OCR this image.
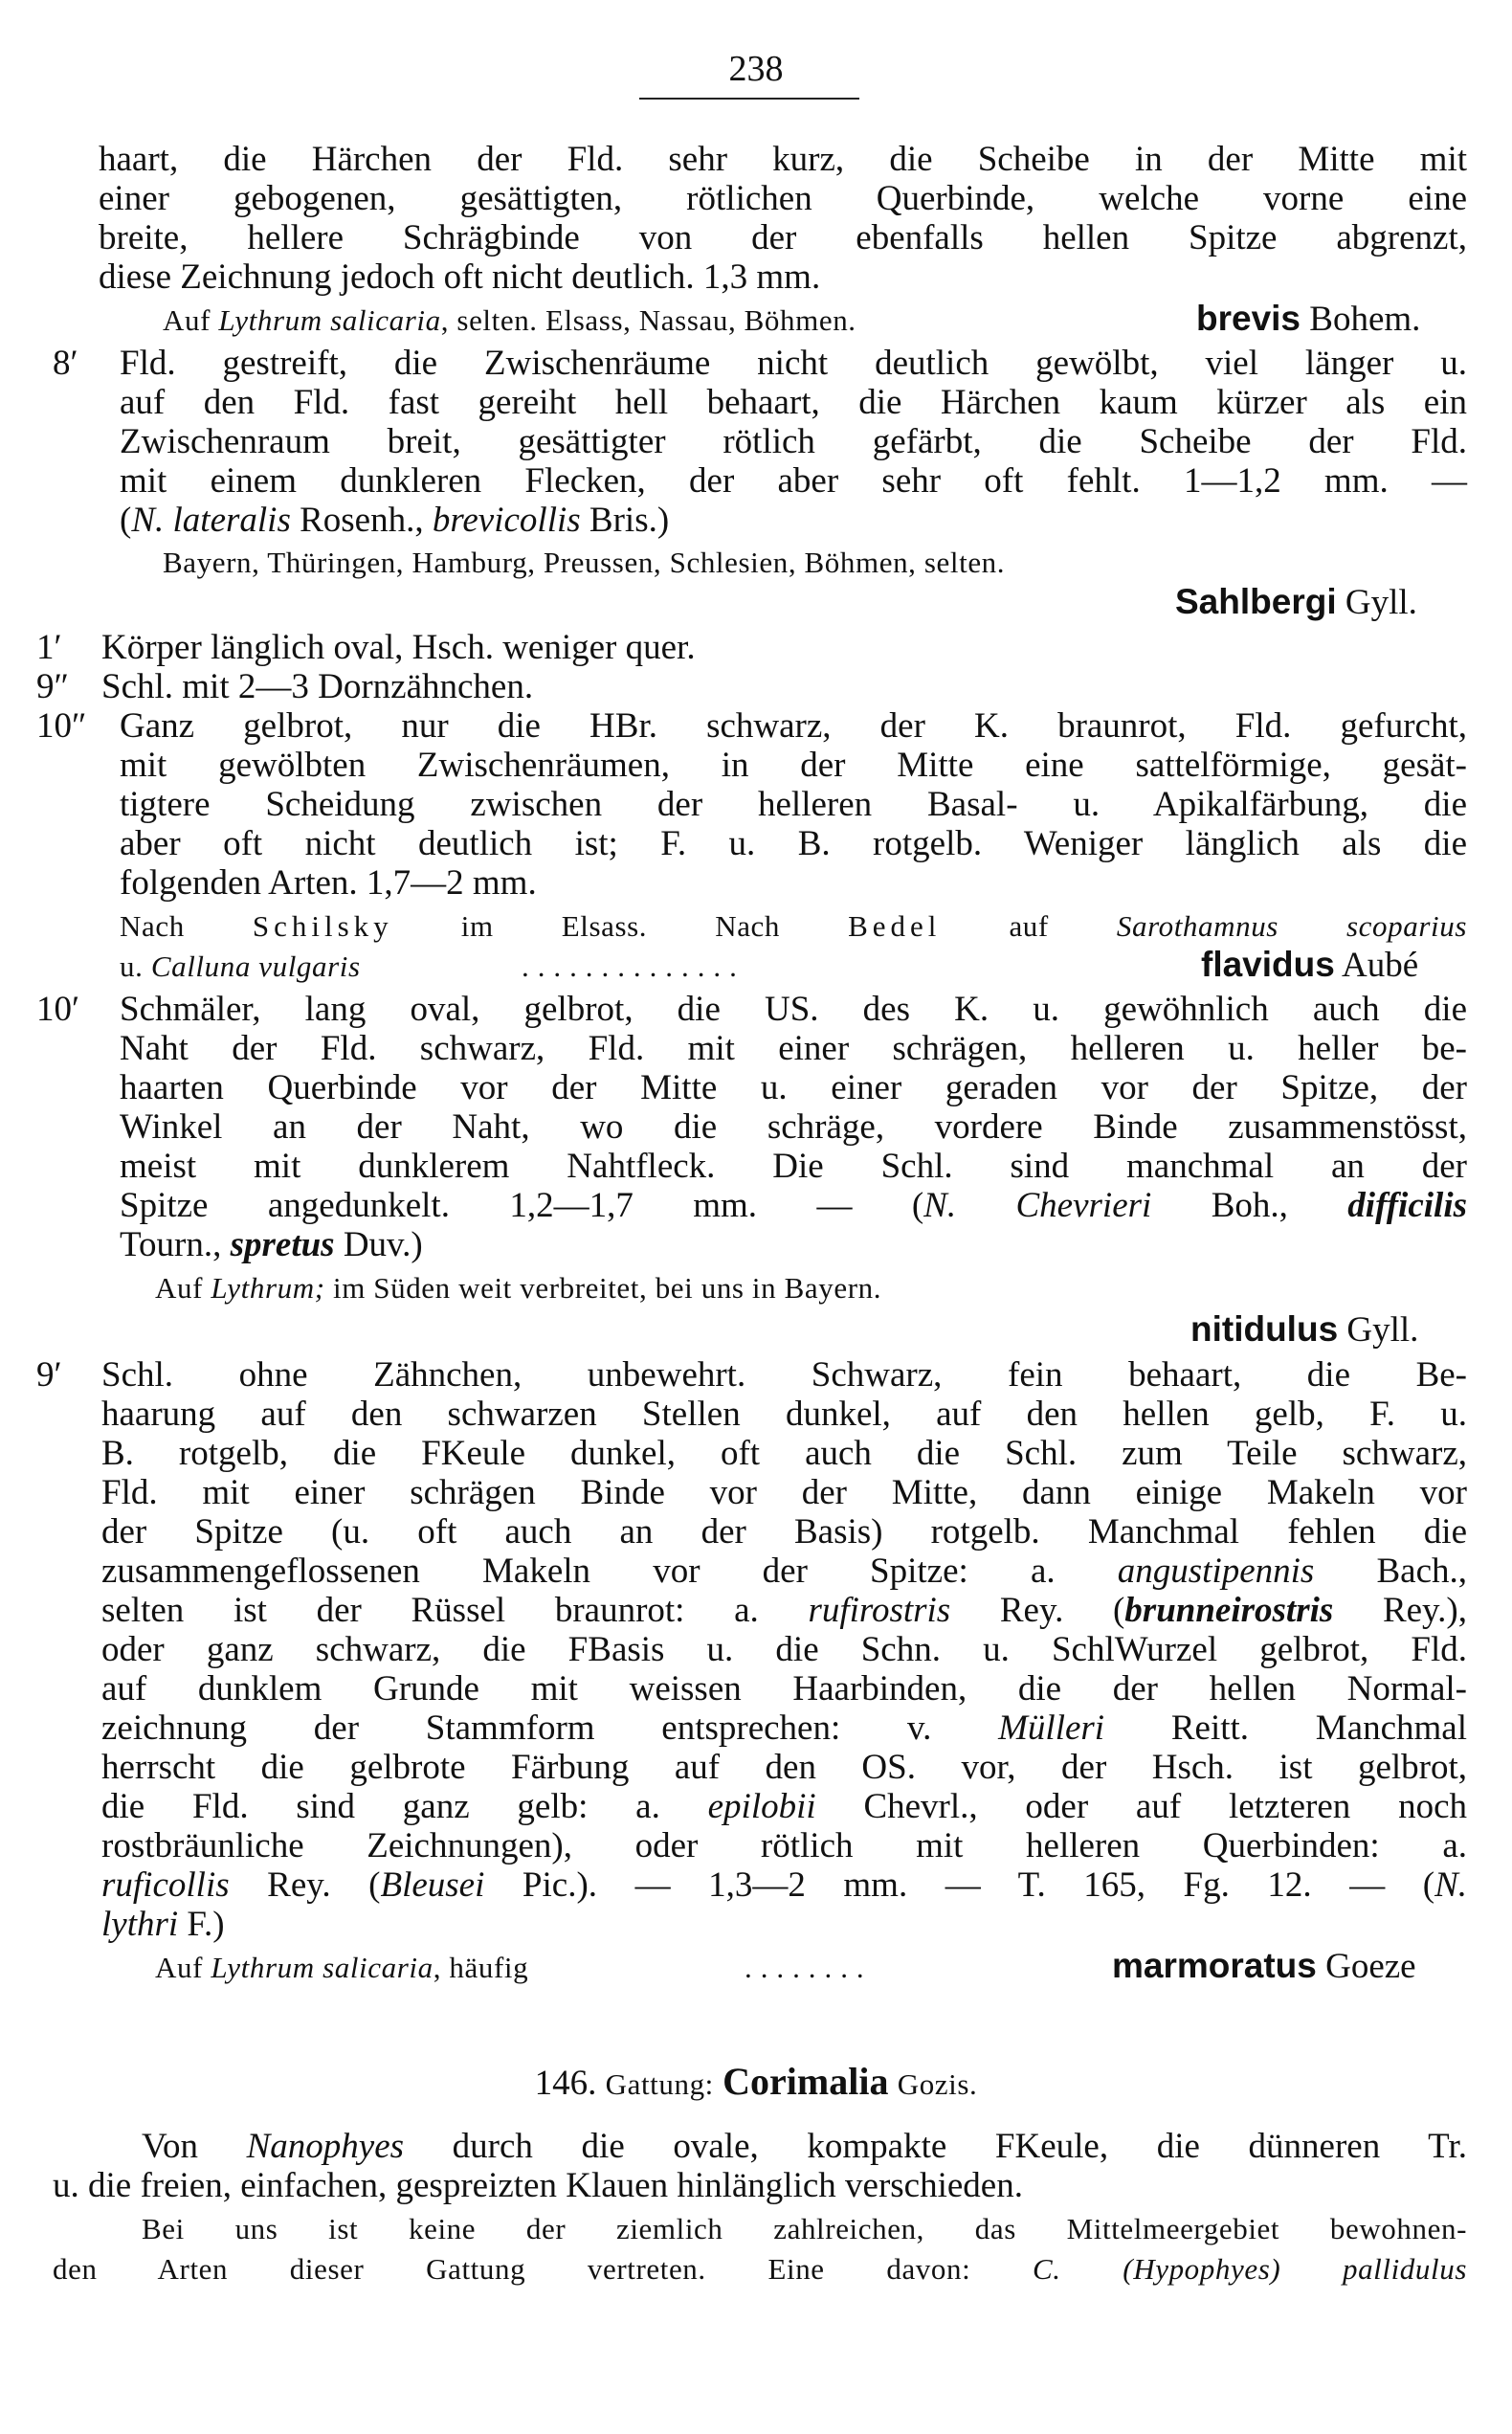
238
haart, die Härchen der Fld. sehr kurz, die Scheibe in der Mitte mit
einer gebogenen, gesättigten, rötlichen Querbinde, welche vorne eine
breite, hellere Schrägbinde von der ebenfalls hellen Spitze abgrenzt,
diese Zeichnung jedoch oft nicht deutlich. 1,3 mm.
Auf Lythrum salicaria, selten. Elsass, Nassau, Böhmen.	brevis Bohem.
8′ Fld. gestreift, die Zwischenräume nicht deutlich gewölbt, viel länger u.
auf den Fld. fast gereiht hell behaart, die Härchen kaum kürzer als ein
Zwischenraum breit, gesättigter rötlich gefärbt, die Scheibe der Fld.
mit einem dunkleren Flecken, der aber sehr oft fehlt. 1—1,2 mm. —
(N. lateralis Rosenh., brevicollis Bris.)
Bayern, Thüringen, Hamburg, Preussen, Schlesien, Böhmen, selten.
Sahlbergi Gyll.
1′ Körper länglich oval, Hsch. weniger quer.
9″ Schl. mit 2—3 Dornzähnchen.
10″ Ganz gelbrot, nur die HBr. schwarz, der K. braunrot, Fld. gefurcht,
mit gewölbten Zwischenräumen, in der Mitte eine sattelförmige, gesät-
tigtere Scheidung zwischen der helleren Basal- u. Apikalfärbung, die
aber oft nicht deutlich ist; F. u. B. rotgelb. Weniger länglich als die
folgenden Arten. 1,7—2 mm.
Nach Schilsky im Elsass. Nach Bedel auf Sarothamnus scoparius
u. Calluna vulgaris	. . . . . . . . . . . . . .	flavidus Aubé
10′ Schmäler, lang oval, gelbrot, die US. des K. u. gewöhnlich auch die
Naht der Fld. schwarz, Fld. mit einer schrägen, helleren u. heller be-
haarten Querbinde vor der Mitte u. einer geraden vor der Spitze, der
Winkel an der Naht, wo die schräge, vordere Binde zusammenstösst,
meist mit dunklerem Nahtfleck. Die Schl. sind manchmal an der
Spitze angedunkelt. 1,2—1,7 mm. — (N. Chevrieri Boh., difficilis
Tourn., spretus Duv.)
Auf Lythrum; im Süden weit verbreitet, bei uns in Bayern.
nitidulus Gyll.
9′ Schl. ohne Zähnchen, unbewehrt. Schwarz, fein behaart, die Be-
haarung auf den schwarzen Stellen dunkel, auf den hellen gelb, F. u.
B. rotgelb, die FKeule dunkel, oft auch die Schl. zum Teile schwarz,
Fld. mit einer schrägen Binde vor der Mitte, dann einige Makeln vor
der Spitze (u. oft auch an der Basis) rotgelb. Manchmal fehlen die
zusammengeflossenen Makeln vor der Spitze: a. angustipennis Bach.,
selten ist der Rüssel braunrot: a. rufirostris Rey. (brunneirostris Rey.),
oder ganz schwarz, die FBasis u. die Schn. u. SchlWurzel gelbrot, Fld.
auf dunklem Grunde mit weissen Haarbinden, die der hellen Normal-
zeichnung der Stammform entsprechen: v. Mülleri Reitt. Manchmal
herrscht die gelbrote Färbung auf den OS. vor, der Hsch. ist gelbrot,
die Fld. sind ganz gelb: a. epilobii Chevrl., oder auf letzteren noch
rostbräunliche Zeichnungen), oder rötlich mit helleren Querbinden: a.
ruficollis Rey. (Bleusei Pic.). — 1,3—2 mm. — T. 165, Fg. 12. — (N.
lythri F.)
Auf Lythrum salicaria, häufig	. . . . . . . .	marmoratus Goeze
146. Gattung: Corimalia Gozis.
Von Nanophyes durch die ovale, kompakte FKeule, die dünneren Tr.
u. die freien, einfachen, gespreizten Klauen hinlänglich verschieden.
Bei uns ist keine der ziemlich zahlreichen, das Mittelmeergebiet bewohnen-
den Arten dieser Gattung vertreten. Eine davon: C. (Hypophyes) pallidulus
